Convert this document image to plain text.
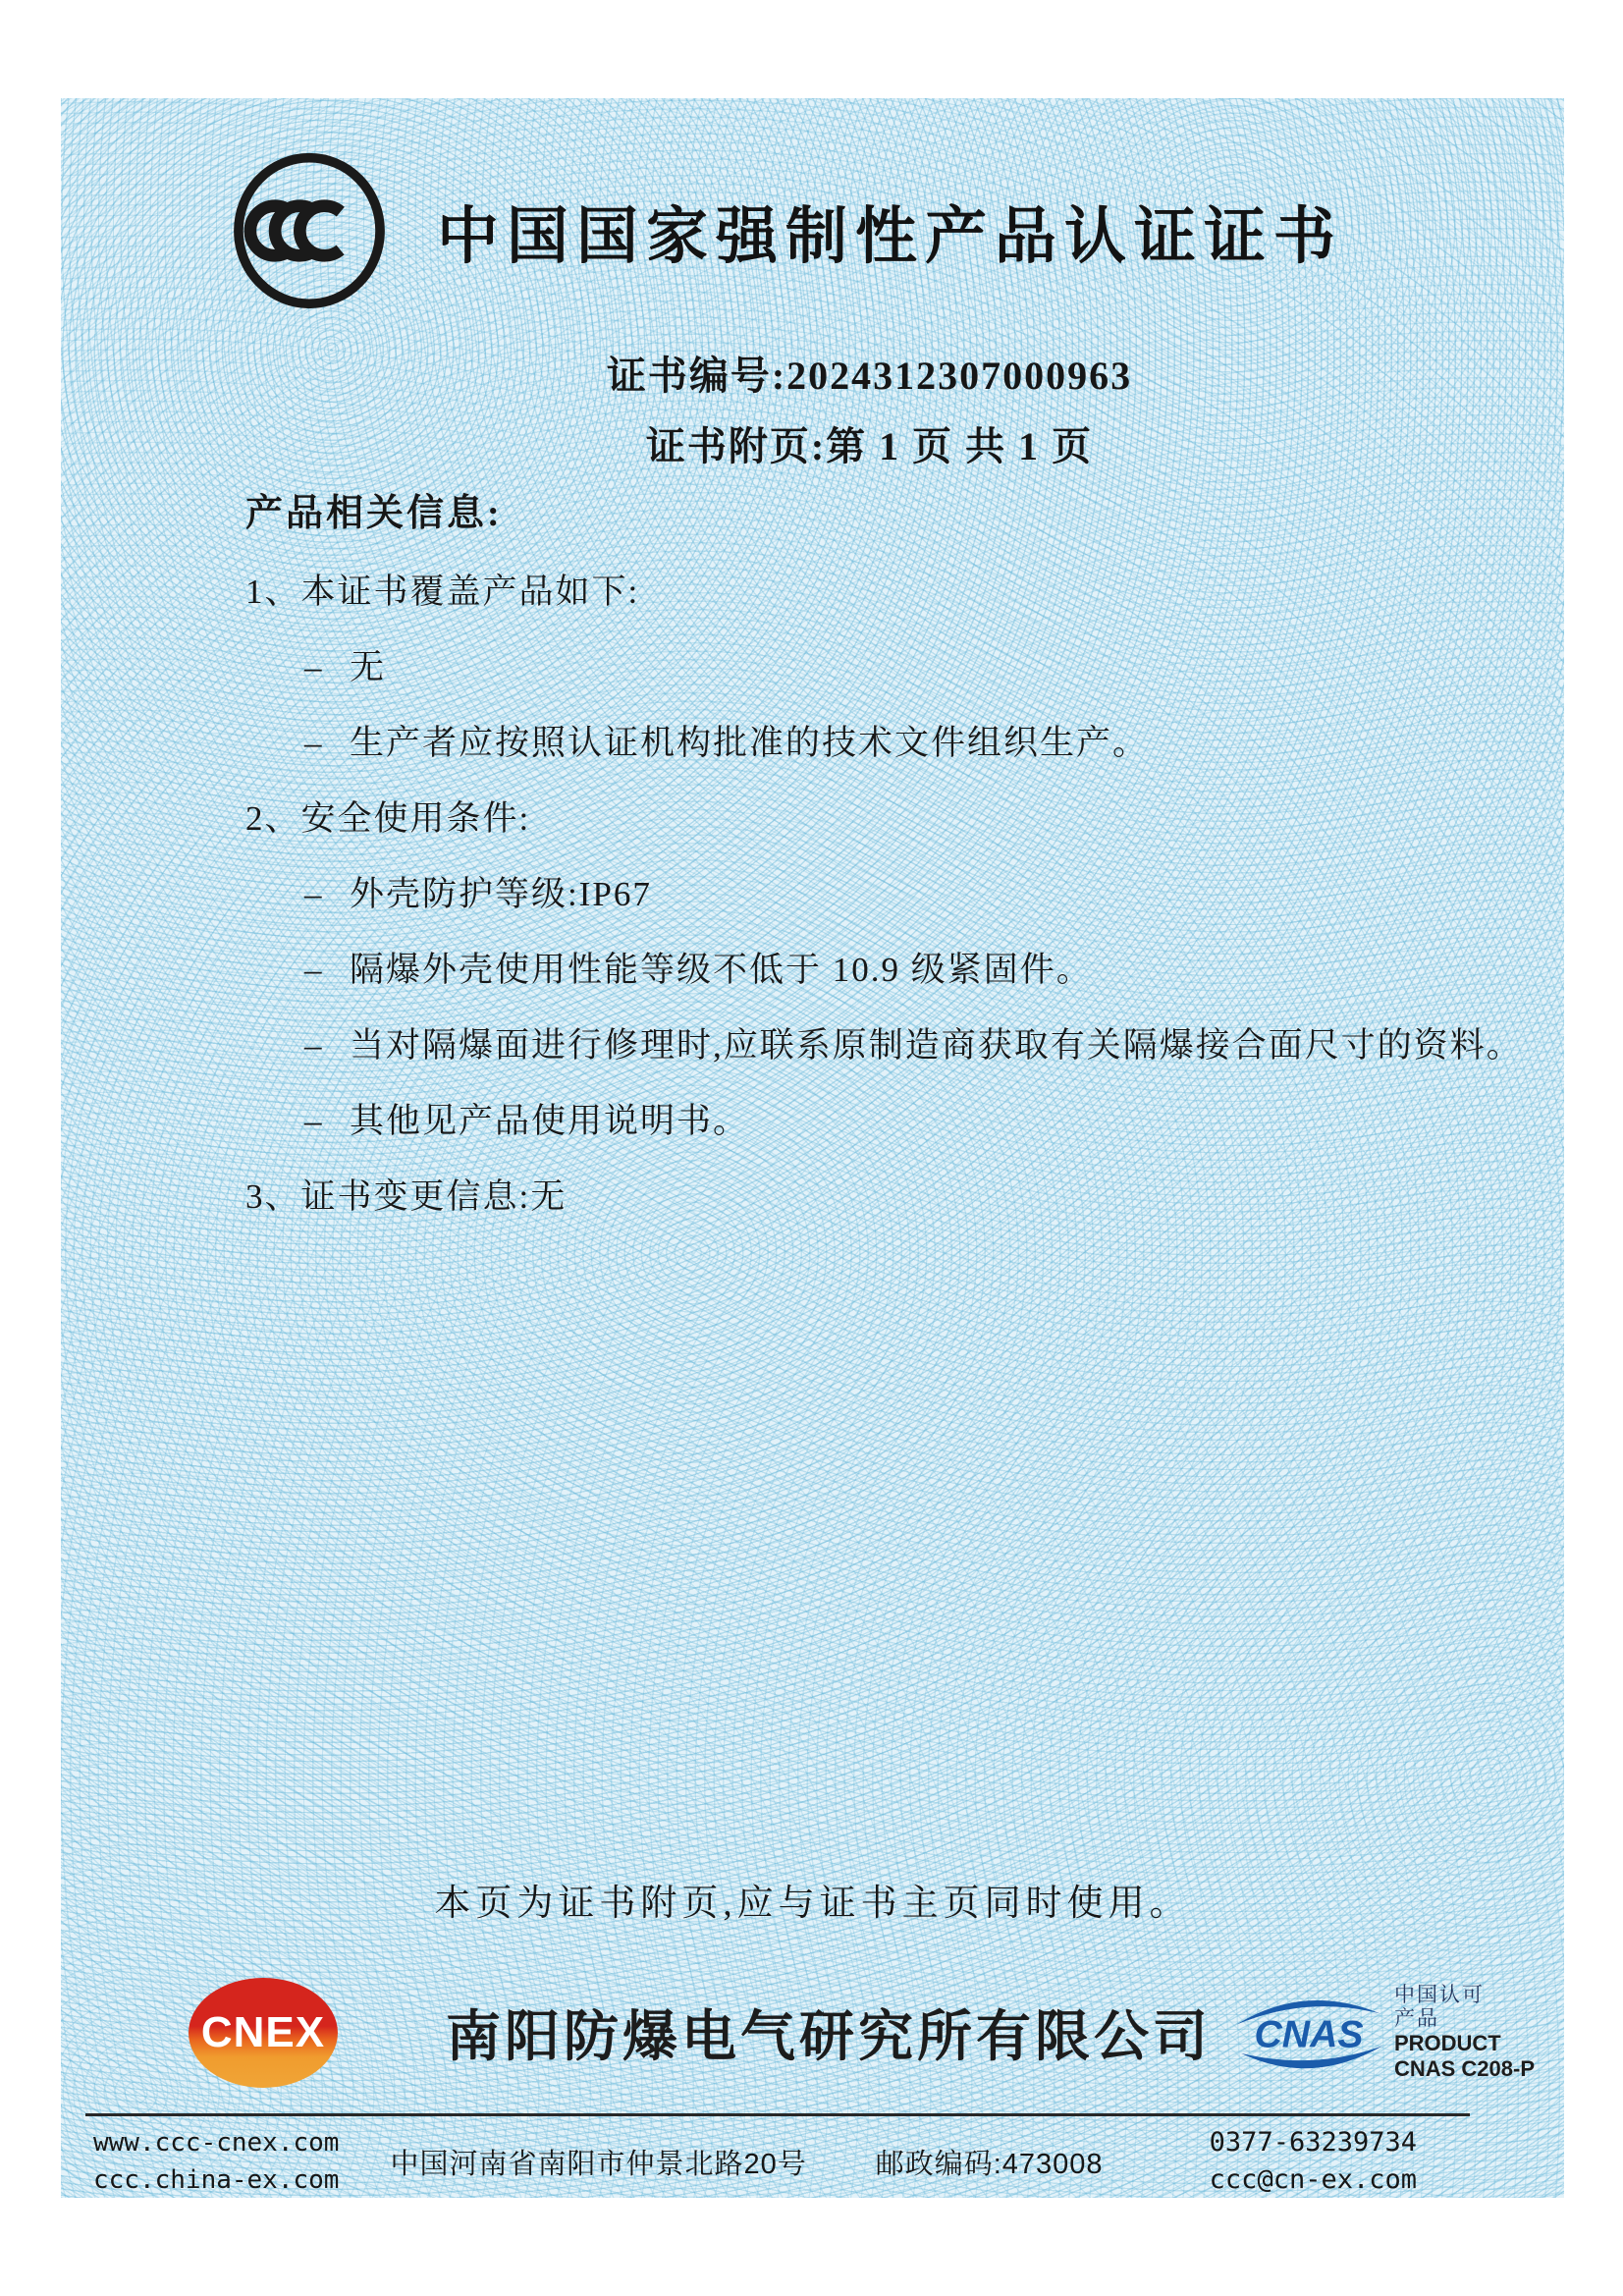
中国国家强制性产品认证证书
证书编号:2024312307000963
证书附页:第 1 页 共 1 页
产品相关信息:
1、本证书覆盖产品如下:
– 无
– 生产者应按照认证机构批准的技术文件组织生产。
2、安全使用条件:
– 外壳防护等级:IP67
– 隔爆外壳使用性能等级不低于 10.9 级紧固件。
– 当对隔爆面进行修理时,应联系原制造商获取有关隔爆接合面尺寸的资料。
– 其他见产品使用说明书。
3、证书变更信息:无
本页为证书附页,应与证书主页同时使用。
CNEX 南阳防爆电气研究所有限公司 CNAS
中国认可
产品
PRODUCT
CNAS C208-P
www.ccc-cnex.com
ccc.china-ex.com
中国河南省南阳市仲景北路20号 邮政编码:473008
0377-63239734
ccc@cn-ex.com
